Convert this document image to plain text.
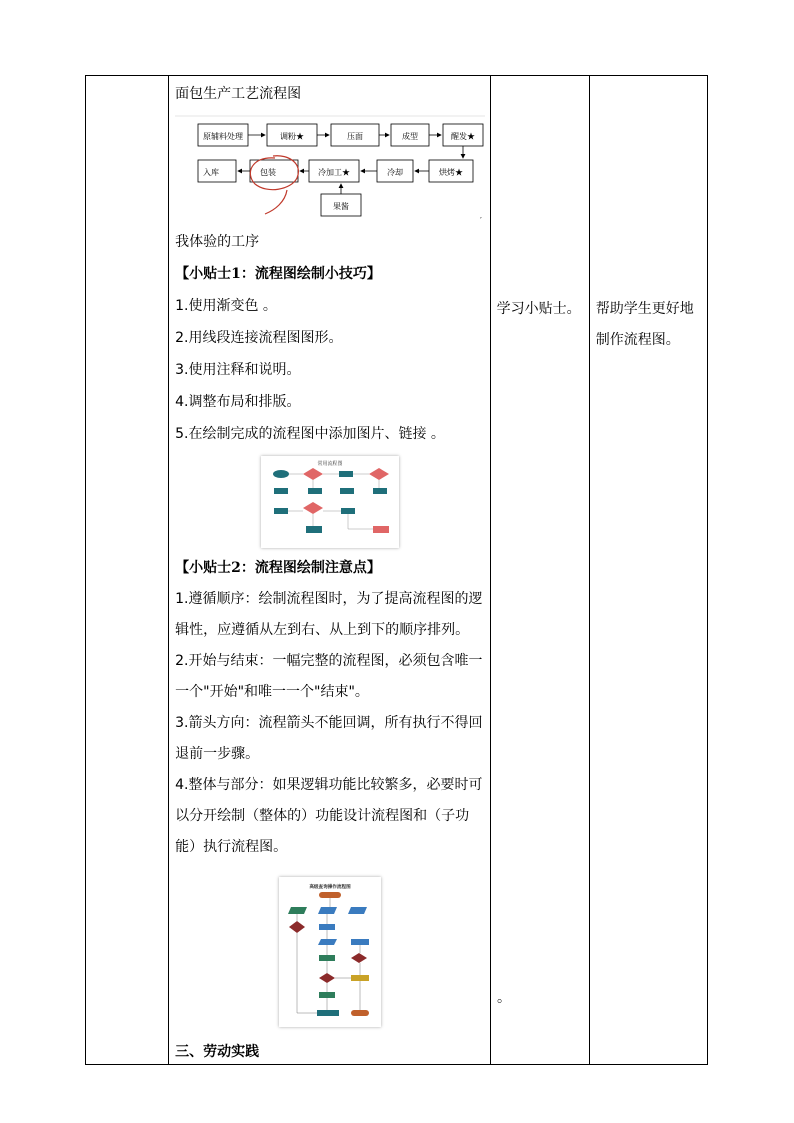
面包生产工艺流程图
原辅料处理	调粉★	压面	成型	醒发★
入库	包装	冷加工★	冷却	烘烤★
果酱
,
我体验的工序
【小贴士1：流程图绘制小技巧】
1.使用渐变色 。
2.用线段连接流程图图形。
3.使用注释和说明。
4.调整布局和排版。
5.在绘制完成的流程图中添加图片、链接 。
常用流程图
【小贴士2：流程图绘制注意点】
1.遵循顺序：绘制流程图时，为了提高流程图的逻辑性，应遵循从左到右、从上到下的顺序排列。
2.开始与结束：一幅完整的流程图，必须包含唯一一个"开始"和唯一一个"结束"。
3.箭头方向：流程箭头不能回调，所有执行不得回退前一步骤。
4.整体与部分：如果逻辑功能比较繁多，必要时可以分开绘制（整体的）功能设计流程图和（子功能）执行流程图。
高级查询操作流程图
三、劳动实践

学习小贴士。	帮助学生更好地制作流程图。
。
